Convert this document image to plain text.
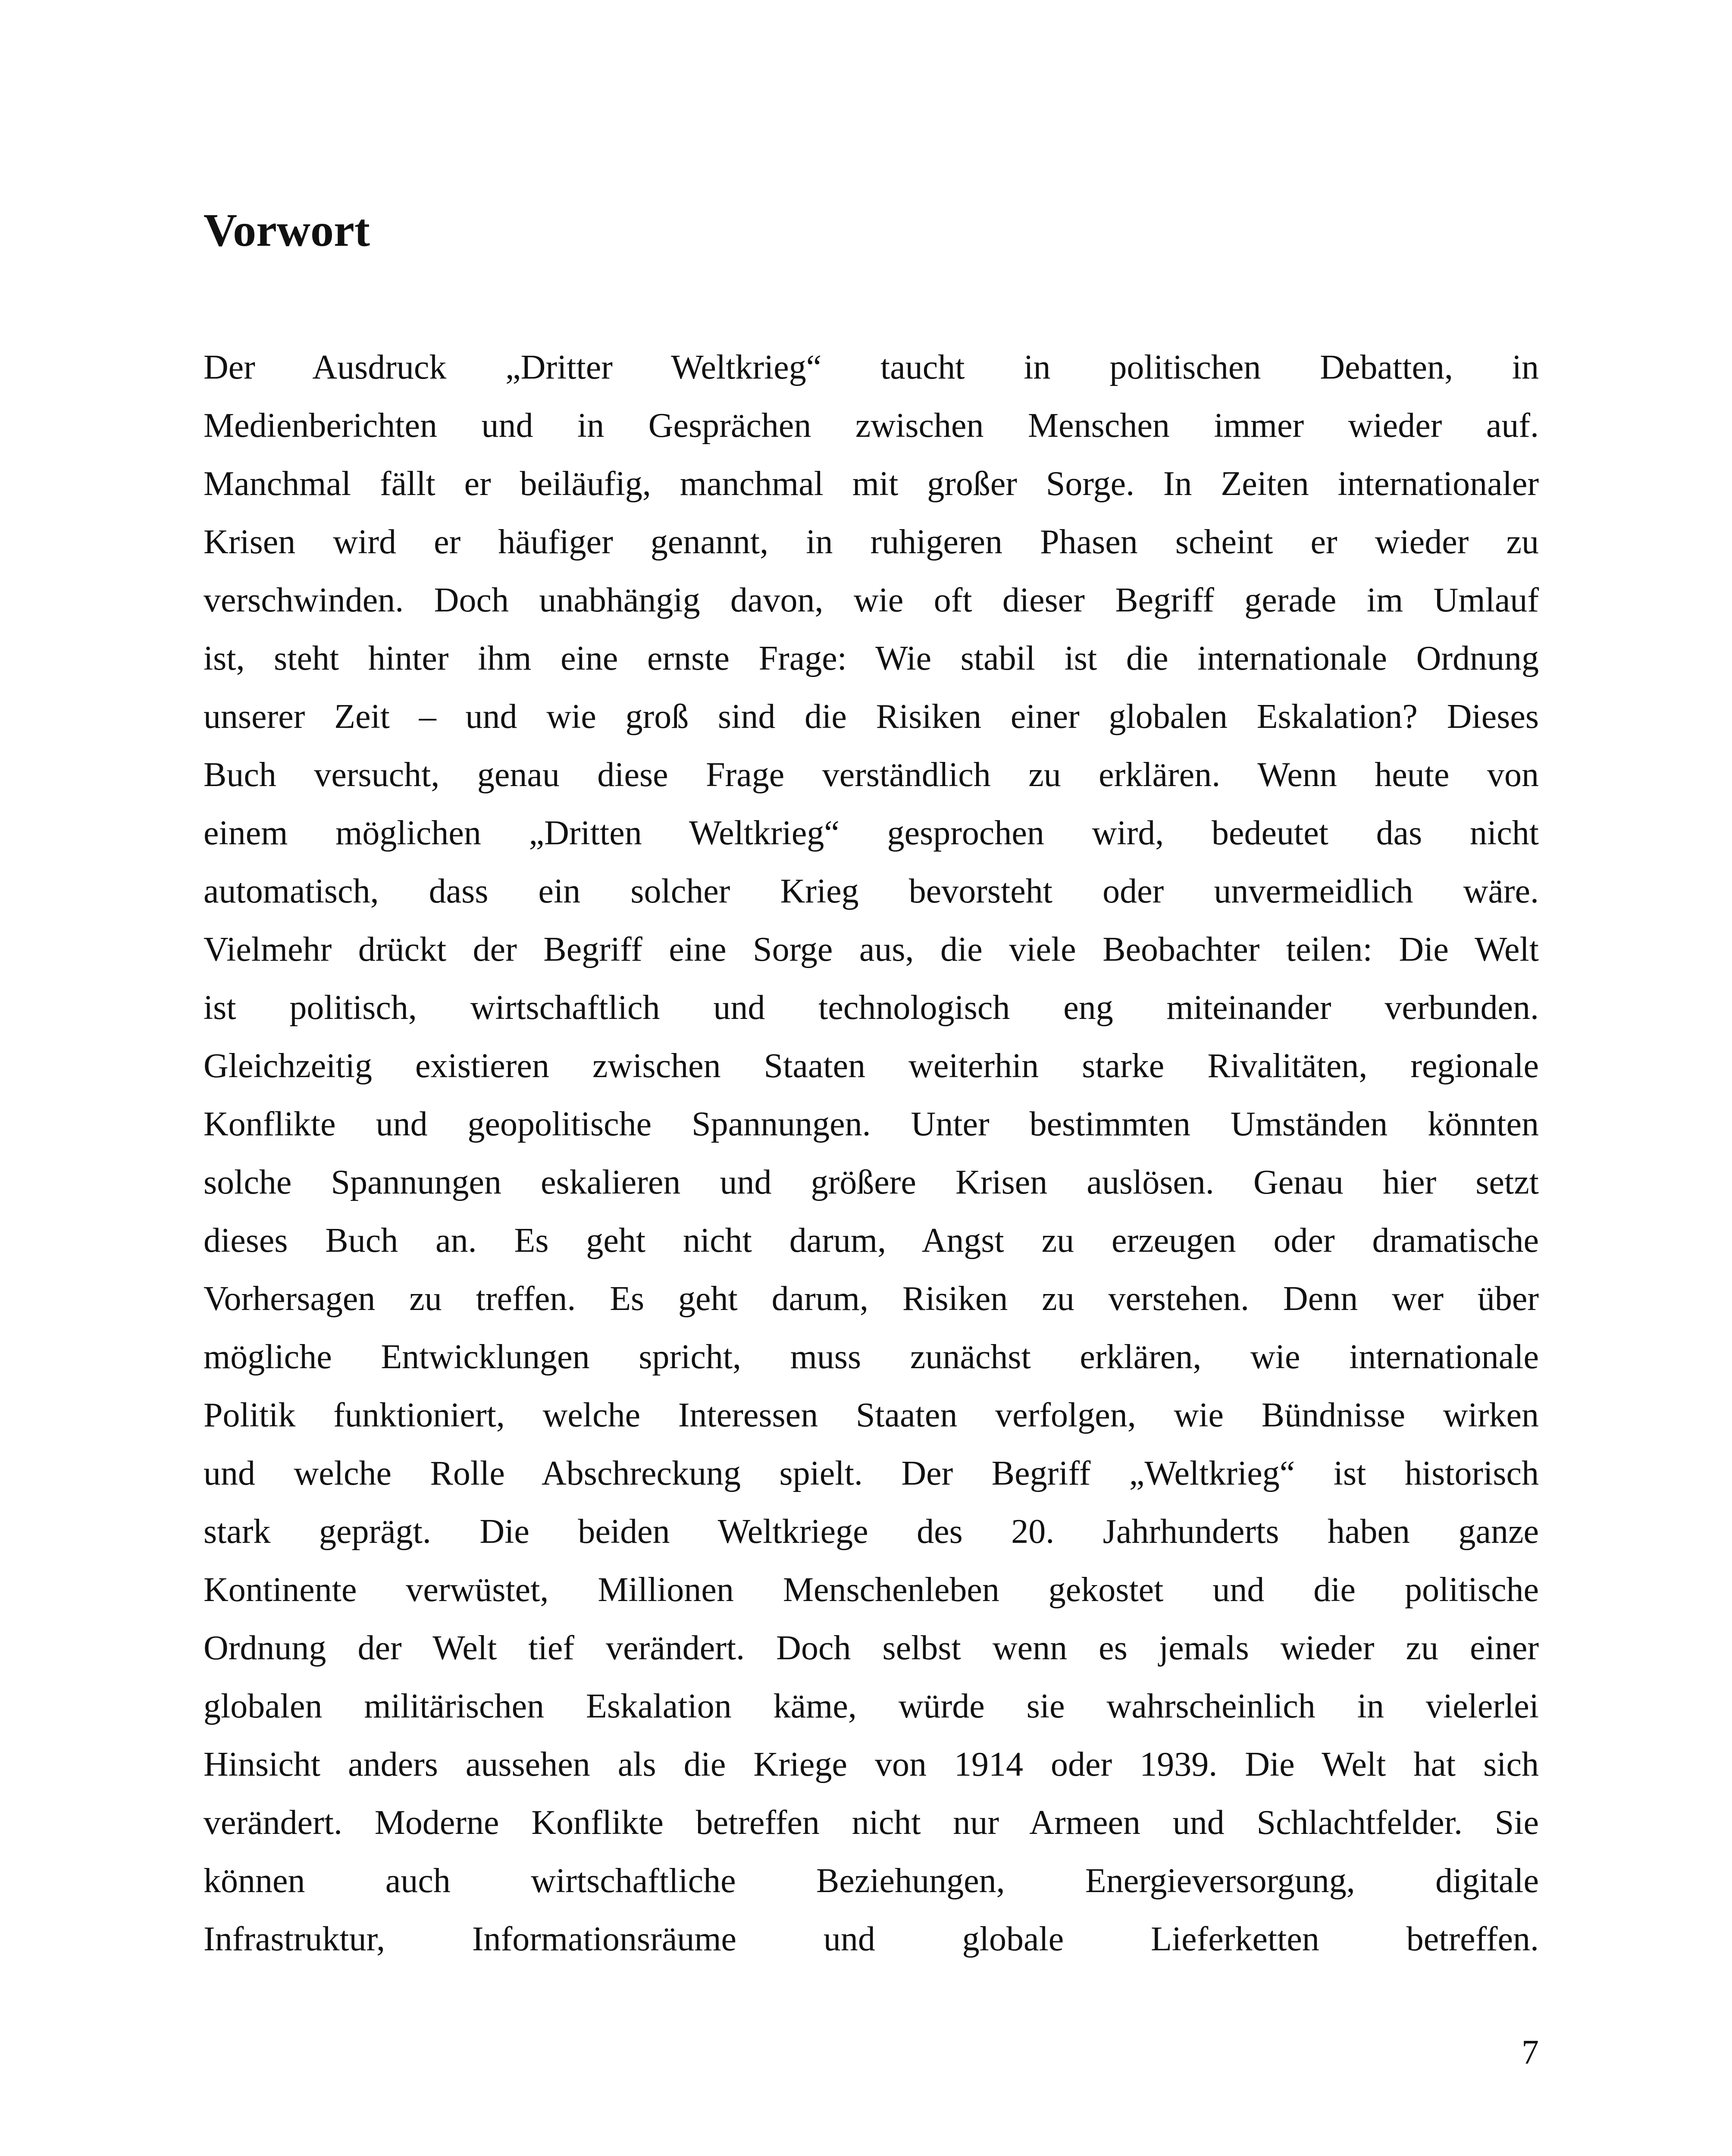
Vorwort
Der Ausdruck „Dritter Weltkrieg“ taucht in politischen Debatten, in
Medienberichten und in Gesprächen zwischen Menschen immer wieder auf.
Manchmal fällt er beiläufig, manchmal mit großer Sorge. In Zeiten internationaler
Krisen wird er häufiger genannt, in ruhigeren Phasen scheint er wieder zu
verschwinden. Doch unabhängig davon, wie oft dieser Begriff gerade im Umlauf
ist, steht hinter ihm eine ernste Frage: Wie stabil ist die internationale Ordnung
unserer Zeit – und wie groß sind die Risiken einer globalen Eskalation? Dieses
Buch versucht, genau diese Frage verständlich zu erklären. Wenn heute von
einem möglichen „Dritten Weltkrieg“ gesprochen wird, bedeutet das nicht
automatisch, dass ein solcher Krieg bevorsteht oder unvermeidlich wäre.
Vielmehr drückt der Begriff eine Sorge aus, die viele Beobachter teilen: Die Welt
ist politisch, wirtschaftlich und technologisch eng miteinander verbunden.
Gleichzeitig existieren zwischen Staaten weiterhin starke Rivalitäten, regionale
Konflikte und geopolitische Spannungen. Unter bestimmten Umständen könnten
solche Spannungen eskalieren und größere Krisen auslösen. Genau hier setzt
dieses Buch an. Es geht nicht darum, Angst zu erzeugen oder dramatische
Vorhersagen zu treffen. Es geht darum, Risiken zu verstehen. Denn wer über
mögliche Entwicklungen spricht, muss zunächst erklären, wie internationale
Politik funktioniert, welche Interessen Staaten verfolgen, wie Bündnisse wirken
und welche Rolle Abschreckung spielt. Der Begriff „Weltkrieg“ ist historisch
stark geprägt. Die beiden Weltkriege des 20. Jahrhunderts haben ganze
Kontinente verwüstet, Millionen Menschenleben gekostet und die politische
Ordnung der Welt tief verändert. Doch selbst wenn es jemals wieder zu einer
globalen militärischen Eskalation käme, würde sie wahrscheinlich in vielerlei
Hinsicht anders aussehen als die Kriege von 1914 oder 1939. Die Welt hat sich
verändert. Moderne Konflikte betreffen nicht nur Armeen und Schlachtfelder. Sie
können auch wirtschaftliche Beziehungen, Energieversorgung, digitale
Infrastruktur, Informationsräume und globale Lieferketten betreffen.
7
